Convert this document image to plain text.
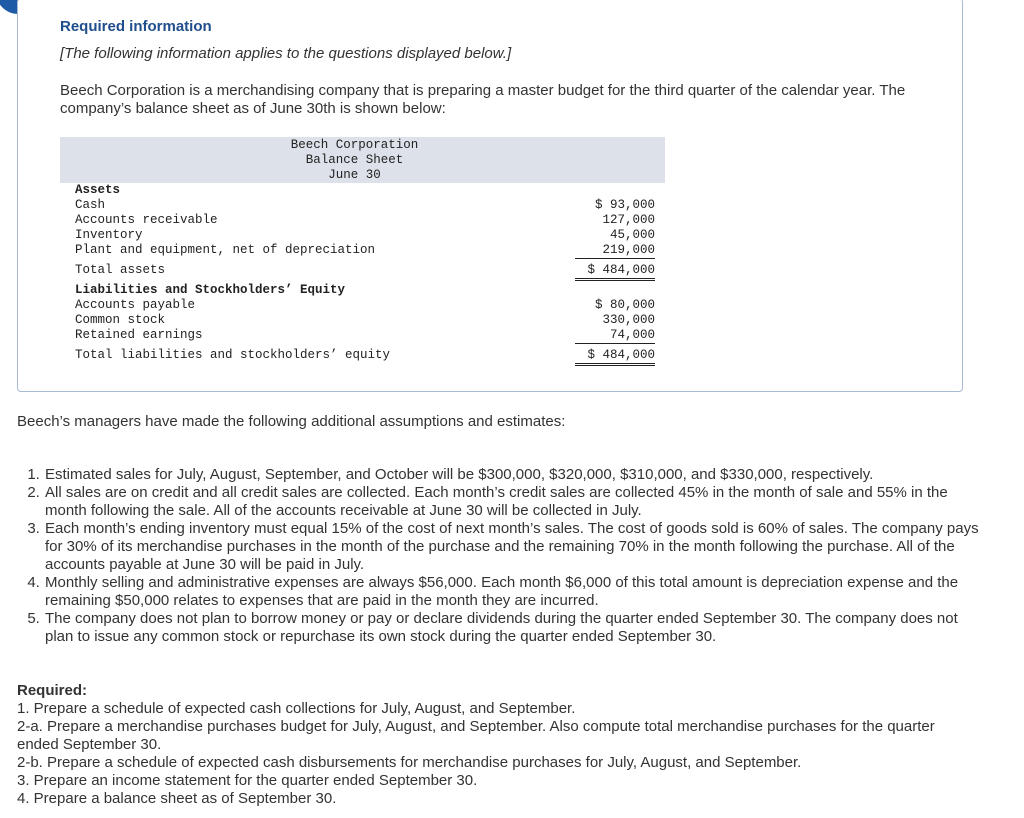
Required information
[The following information applies to the questions displayed below.]
Beech Corporation is a merchandising company that is preparing a master budget for the third quarter of the calendar year. The company’s balance sheet as of June 30th is shown below:
Beech Corporation
Balance Sheet
June 30
Assets
Cash	$ 93,000
Accounts receivable	127,000
Inventory	45,000
Plant and equipment, net of depreciation	219,000
Total assets	$ 484,000
Liabilities and Stockholders’ Equity
Accounts payable	$ 80,000
Common stock	330,000
Retained earnings	74,000
Total liabilities and stockholders’ equity	$ 484,000
Beech’s managers have made the following additional assumptions and estimates:
1. Estimated sales for July, August, September, and October will be $300,000, $320,000, $310,000, and $330,000, respectively.
2. All sales are on credit and all credit sales are collected. Each month’s credit sales are collected 45% in the month of sale and 55% in the month following the sale. All of the accounts receivable at June 30 will be collected in July.
3. Each month’s ending inventory must equal 15% of the cost of next month’s sales. The cost of goods sold is 60% of sales. The company pays for 30% of its merchandise purchases in the month of the purchase and the remaining 70% in the month following the purchase. All of the accounts payable at June 30 will be paid in July.
4. Monthly selling and administrative expenses are always $56,000. Each month $6,000 of this total amount is depreciation expense and the remaining $50,000 relates to expenses that are paid in the month they are incurred.
5. The company does not plan to borrow money or pay or declare dividends during the quarter ended September 30. The company does not plan to issue any common stock or repurchase its own stock during the quarter ended September 30.
Required:
1. Prepare a schedule of expected cash collections for July, August, and September.
2-a. Prepare a merchandise purchases budget for July, August, and September. Also compute total merchandise purchases for the quarter ended September 30.
2-b. Prepare a schedule of expected cash disbursements for merchandise purchases for July, August, and September.
3. Prepare an income statement for the quarter ended September 30.
4. Prepare a balance sheet as of September 30.
